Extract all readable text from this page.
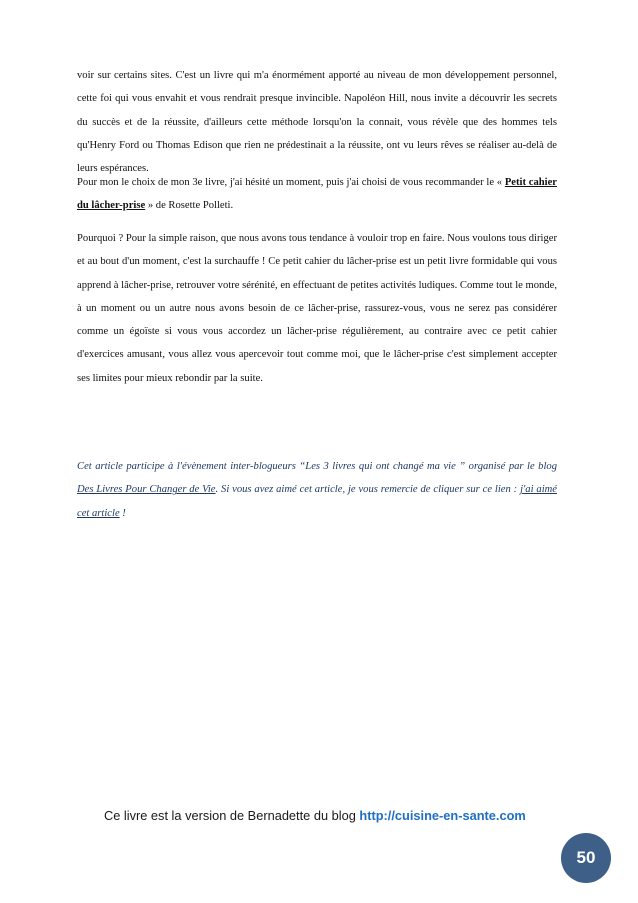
voir sur certains sites. C'est un livre qui m'a énormément apporté au niveau de mon développement personnel, cette foi qui vous envahit et vous rendrait presque invincible. Napoléon Hill, nous invite a découvrir les secrets du succès et de la réussite, d'ailleurs cette méthode lorsqu'on la connait, vous révèle que des hommes tels qu'Henry Ford ou Thomas Edison que rien ne prédestinait a la réussite, ont vu leurs rêves se réaliser au-delà de leurs espérances.

Pour mon le choix de mon 3e livre, j'ai hésité un moment, puis j'ai choisi de vous recommander le « Petit cahier du lâcher-prise » de Rosette Polleti.

Pourquoi ? Pour la simple raison, que nous avons tous tendance à vouloir trop en faire. Nous voulons tous diriger et au bout d'un moment, c'est la surchauffe ! Ce petit cahier du lâcher-prise est un petit livre formidable qui vous apprend à lâcher-prise, retrouver votre sérénité, en effectuant de petites activités ludiques. Comme tout le monde, à un moment ou un autre nous avons besoin de ce lâcher-prise, rassurez-vous, vous ne serez pas considérer comme un égoïste si vous vous accordez un lâcher-prise régulièrement, au contraire avec ce petit cahier d'exercices amusant, vous allez vous apercevoir tout comme moi, que le lâcher-prise c'est simplement accepter ses limites pour mieux rebondir par la suite.

Cet article participe à l'évènement inter-blogueurs “Les 3 livres qui ont changé ma vie ” organisé par le blog Des Livres Pour Changer de Vie. Si vous avez aimé cet article, je vous remercie de cliquer sur ce lien : j'ai aimé cet article !

Ce livre est la version de Bernadette du blog http://cuisine-en-sante.com
50
